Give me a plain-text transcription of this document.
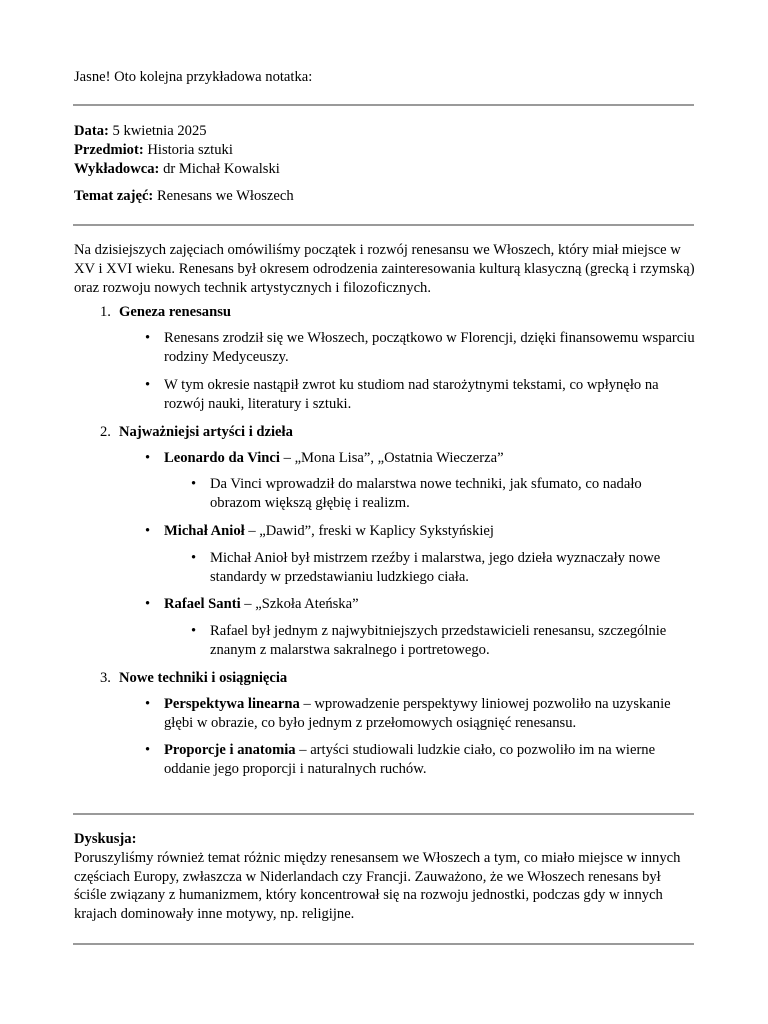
Jasne! Oto kolejna przykładowa notatka:
Data: 5 kwietnia 2025
Przedmiot: Historia sztuki
Wykładowca: dr Michał Kowalski
Temat zajęć: Renesans we Włoszech

Na dzisiejszych zajęciach omówiliśmy początek i rozwój renesansu we Włoszech, który miał miejsce w XV i XVI wieku. Renesans był okresem odrodzenia zainteresowania kulturą klasyczną (grecką i rzymską) oraz rozwoju nowych technik artystycznych i filozoficznych.

1. Geneza renesansu
• Renesans zrodził się we Włoszech, początkowo w Florencji, dzięki finansowemu wsparciu rodziny Medyceuszy.
• W tym okresie nastąpił zwrot ku studiom nad starożytnymi tekstami, co wpłynęło na rozwój nauki, literatury i sztuki.
2. Najważniejsi artyści i dzieła
• Leonardo da Vinci – „Mona Lisa”, „Ostatnia Wieczerza”
• Da Vinci wprowadził do malarstwa nowe techniki, jak sfumato, co nadało obrazom większą głębię i realizm.
• Michał Anioł – „Dawid”, freski w Kaplicy Sykstyńskiej
• Michał Anioł był mistrzem rzeźby i malarstwa, jego dzieła wyznaczały nowe standardy w przedstawianiu ludzkiego ciała.
• Rafael Santi – „Szkoła Ateńska”
• Rafael był jednym z najwybitniejszych przedstawicieli renesansu, szczególnie znanym z malarstwa sakralnego i portretowego.
3. Nowe techniki i osiągnięcia
• Perspektywa linearna – wprowadzenie perspektywy liniowej pozwoliło na uzyskanie głębi w obrazie, co było jednym z przełomowych osiągnięć renesansu.
• Proporcje i anatomia – artyści studiowali ludzkie ciało, co pozwoliło im na wierne oddanie jego proporcji i naturalnych ruchów.
Dyskusja:
Poruszyliśmy również temat różnic między renesansem we Włoszech a tym, co miało miejsce w innych częściach Europy, zwłaszcza w Niderlandach czy Francji. Zauważono, że we Włoszech renesans był ściśle związany z humanizmem, który koncentrował się na rozwoju jednostki, podczas gdy w innych krajach dominowały inne motywy, np. religijne.
